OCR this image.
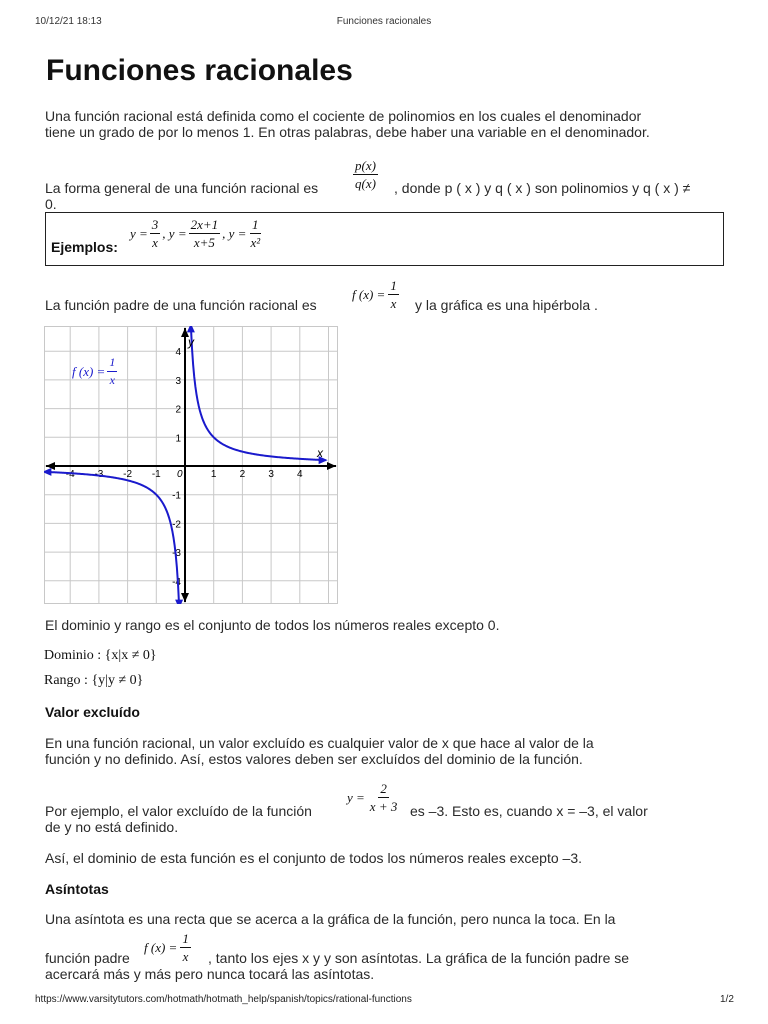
10/12/21 18:13	Funciones racionales
Funciones racionales
Una función racional está definida como el cociente de polinomios en los cuales el denominador
tiene un grado de por lo menos 1. En otras palabras, debe haber una variable en el denominador.
La forma general de una función racional es	$\frac{p(x)}{q(x)}$ , donde p ( x ) y q ( x ) son polinomios y q ( x ) ≠
0.
Ejemplos:
$y = \frac{3}{x}$ , $y = \frac{2x+1}{x+5}$ , $y = \frac{1}{\text{x²}}$
La función padre de una función racional es
f $(x) = \frac{1}{x}$ y la gráfica es una hipérbola .
-4 -3 -2 -1	1 2 3 4
4
3
2
1
-1
-2
-3
-4
x
y
0
f $(x) = \frac{1}{x}$
El dominio y rango es el conjunto de todos los números reales excepto 0.
Dominio : {x|x ≠ 0}
Rango : {y|y ≠ 0}
Valor excluído
En una función racional, un valor excluído es cualquier valor de x que hace al valor de la
función y no definido. Así, estos valores deben ser excluídos del dominio de la función.
Por ejemplo, el valor excluído de la función
$y = \frac{2}{x + 3}$ es –3. Esto es, cuando x = –3, el valor
de y no está definido.
Así, el dominio de esta función es el conjunto de todos los números reales excepto –3.
Asíntotas
Una asíntota es una recta que se acerca a la gráfica de la función, pero nunca la toca. En la
función padre
f $(x) = \frac{1}{x}$ , tanto los ejes x y y son asíntotas. La gráfica de la función padre se
acercará más y más pero nunca tocará las asíntotas.
https://www.varsitytutors.com/hotmath/hotmath_help/spanish/topics/rational-functions	1/2
